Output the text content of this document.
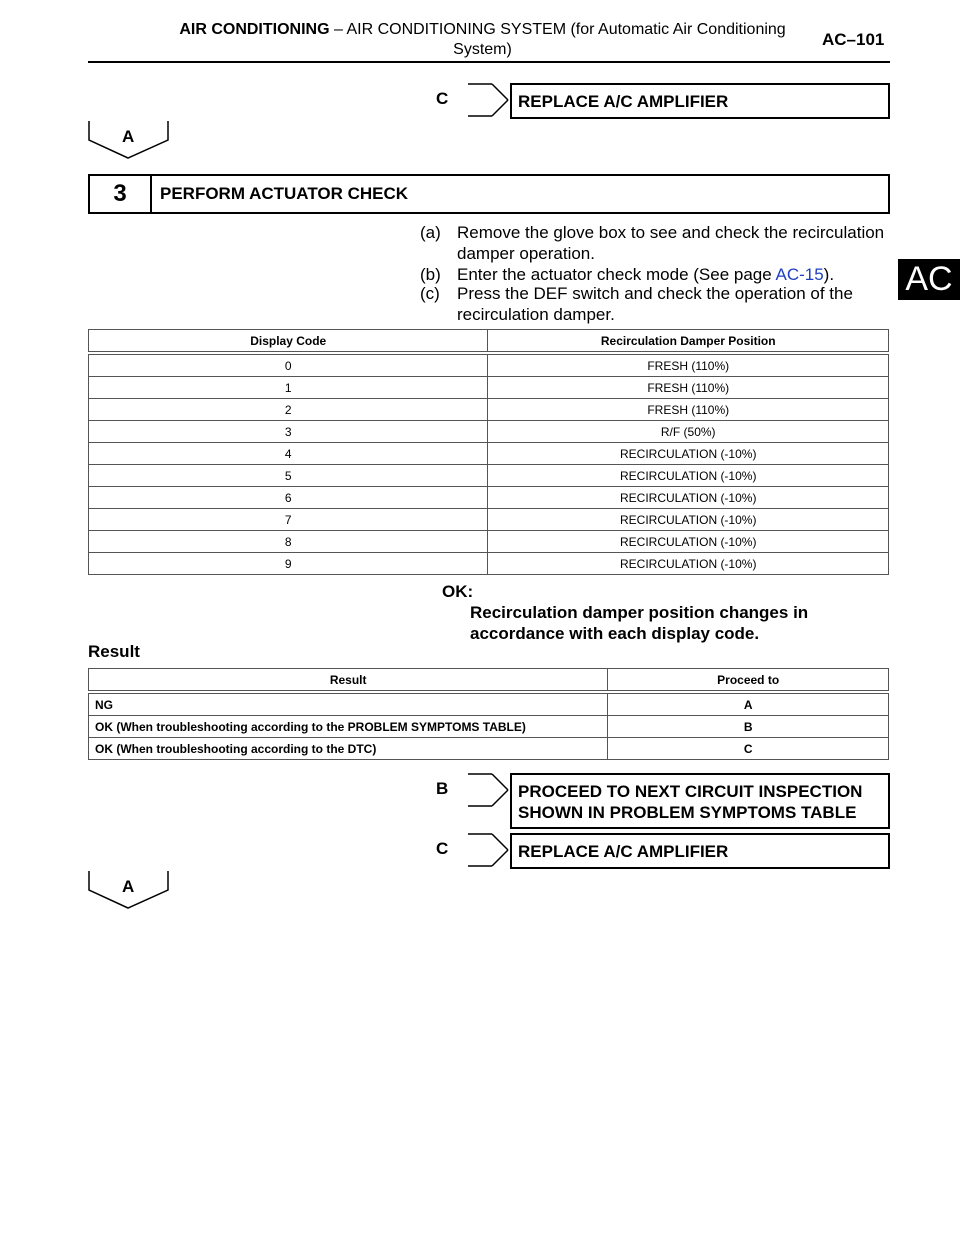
AIR CONDITIONING – AIR CONDITIONING SYSTEM (for Automatic Air Conditioning System)
AC–101
AC
C	REPLACE A/C AMPLIFIER
A
3	PERFORM ACTUATOR CHECK
(a) Remove the glove box to see and check the recirculation damper operation.
(b) Enter the actuator check mode (See page AC-15).
(c) Press the DEF switch and check the operation of the recirculation damper.
Display Code	Recirculation Damper Position
0	FRESH (110%)
1	FRESH (110%)
2	FRESH (110%)
3	R/F (50%)
4	RECIRCULATION (-10%)
5	RECIRCULATION (-10%)
6	RECIRCULATION (-10%)
7	RECIRCULATION (-10%)
8	RECIRCULATION (-10%)
9	RECIRCULATION (-10%)
OK:
Recirculation damper position changes in accordance with each display code.
Result
Result	Proceed to
NG	A
OK (When troubleshooting according to the PROBLEM SYMPTOMS TABLE)	B
OK (When troubleshooting according to the DTC)	C
B	PROCEED TO NEXT CIRCUIT INSPECTION SHOWN IN PROBLEM SYMPTOMS TABLE
C	REPLACE A/C AMPLIFIER
A
